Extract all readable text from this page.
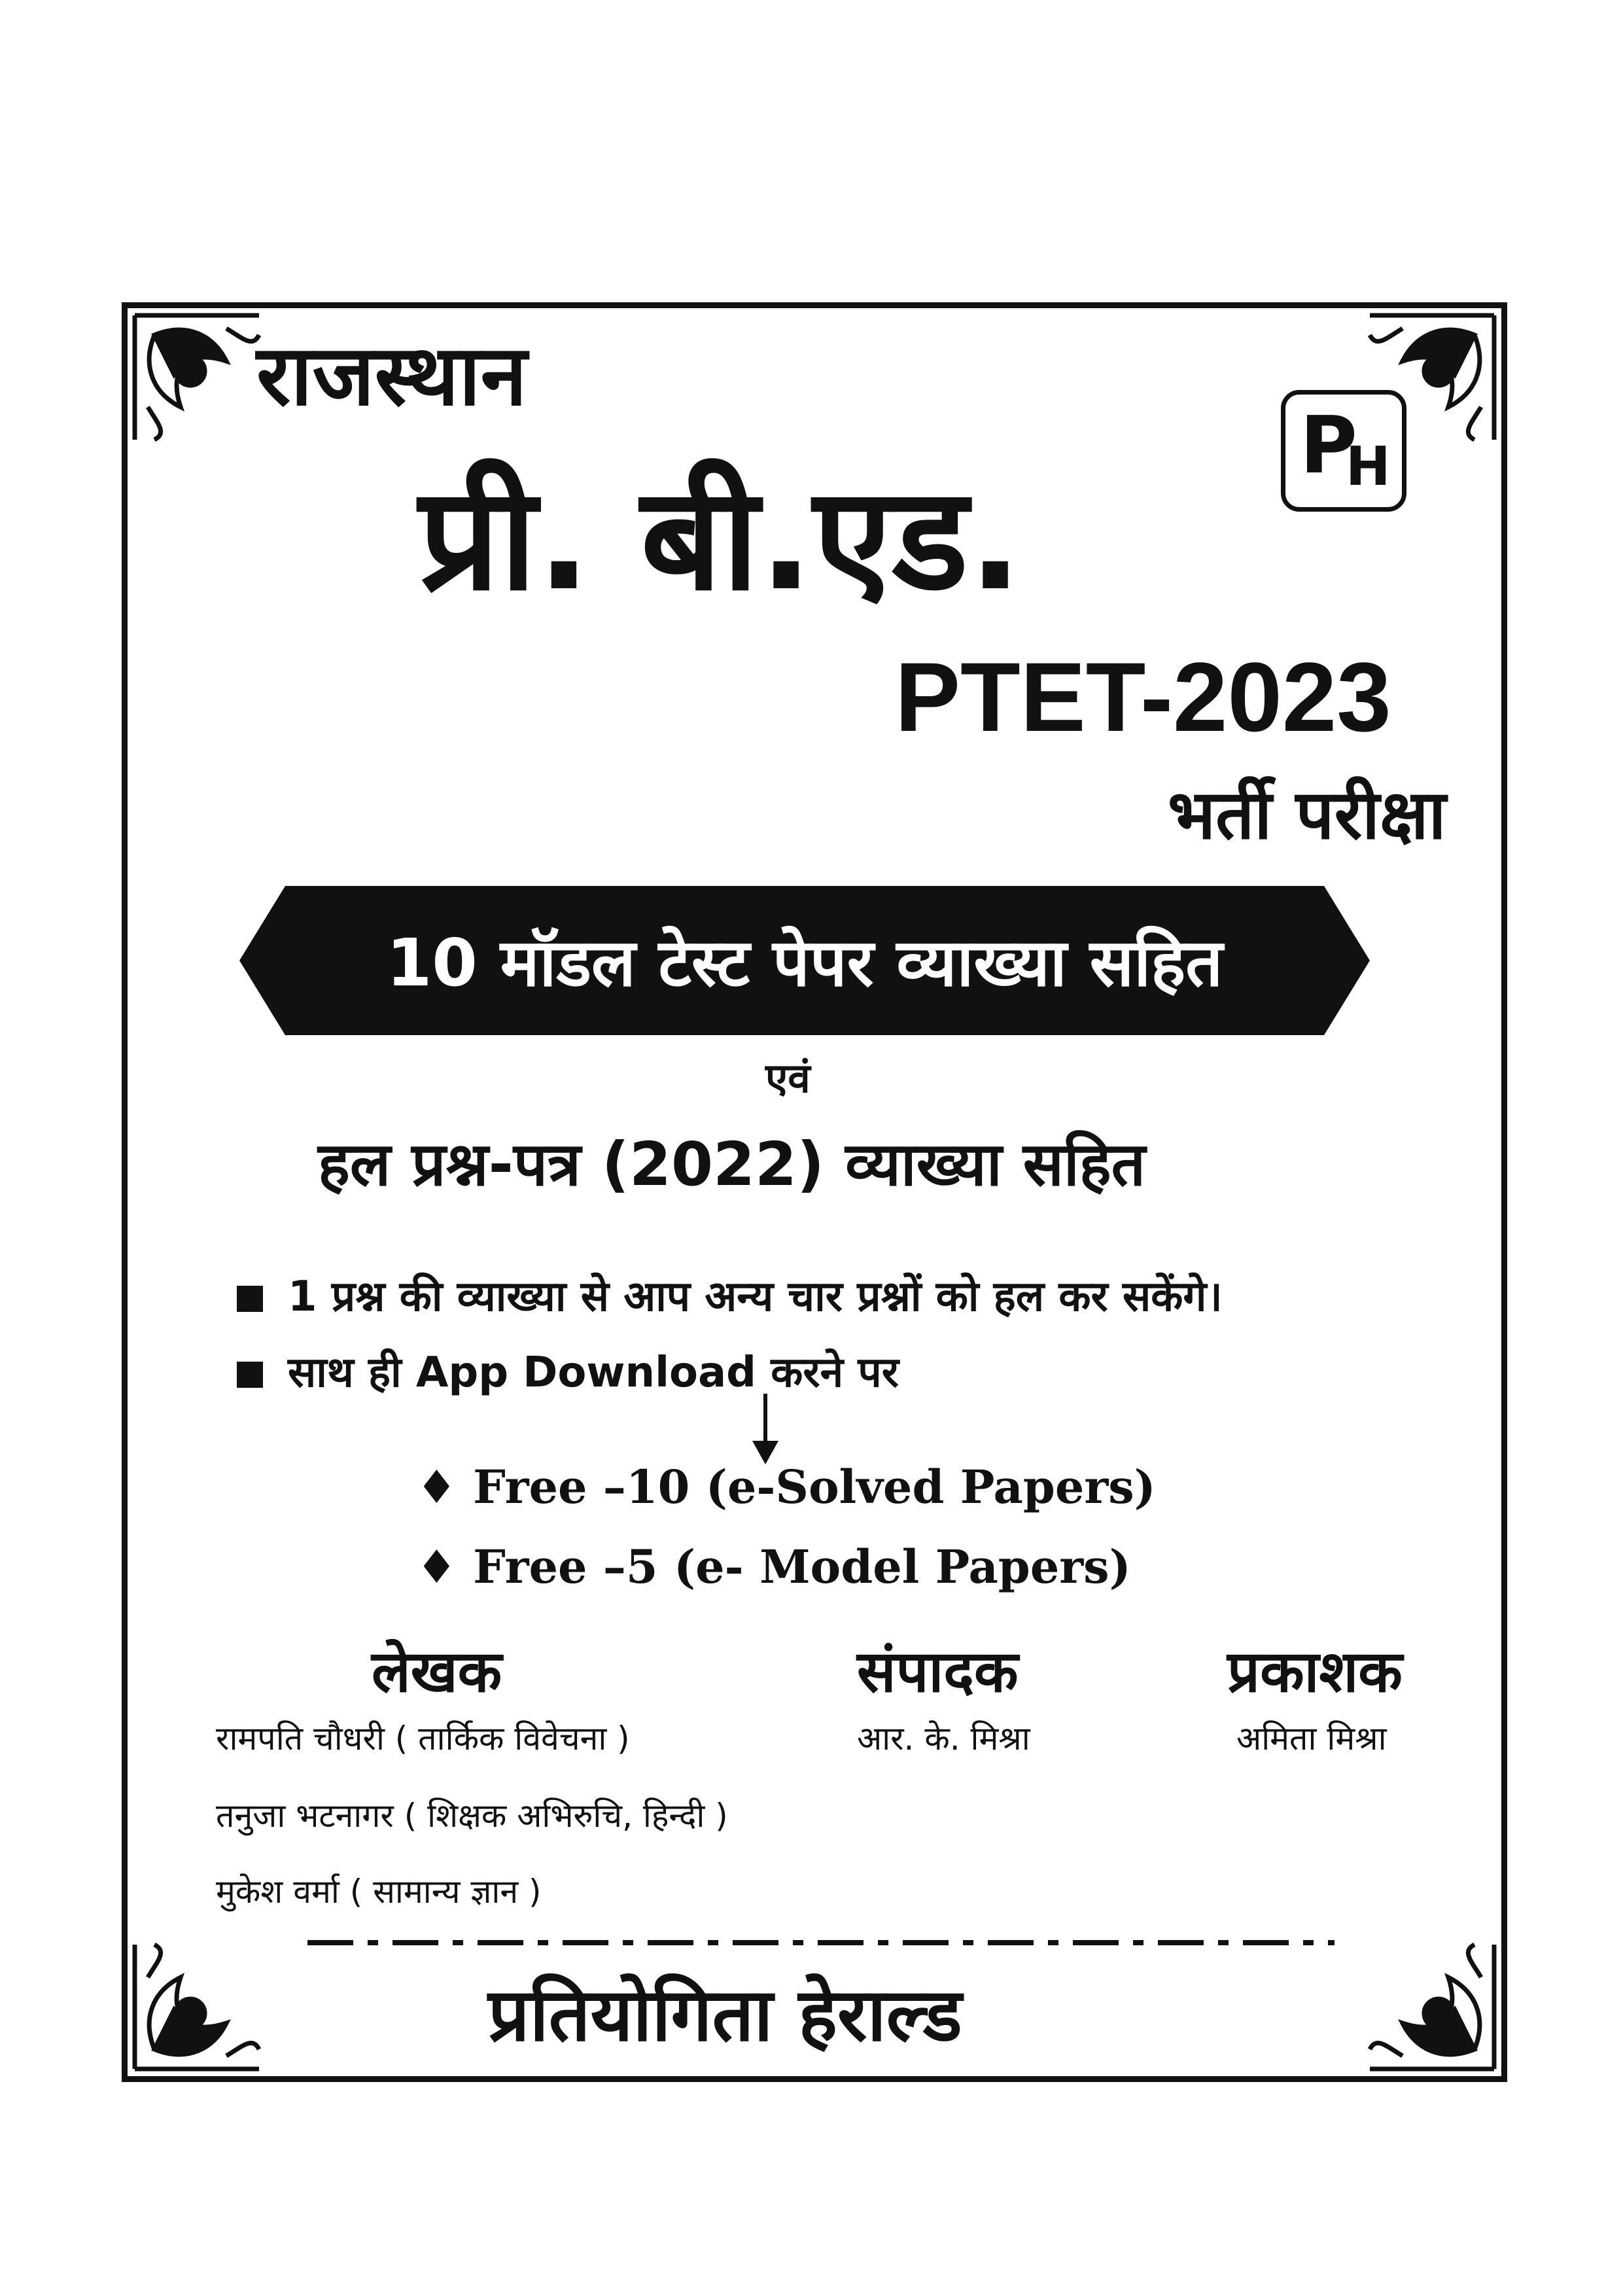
राजस्थान
P
H
प्री. बी.एड.
PTET-2023
भर्ती परीक्षा
10 मॉडल टेस्ट पेपर व्याख्या सहित
एवं
हल प्रश्न-पत्र (2022) व्याख्या सहित
1 प्रश्न की व्याख्या से आप अन्य चार प्रश्नों को हल कर सकेंगे।
साथ ही App Download करने पर
♦ Free –10 (e-Solved Papers)
♦ Free –5 (e- Model Papers)
लेखक
रामपति चौधरी ( तार्किक विवेचना )
तनुजा भटनागर ( शिक्षक अभिरुचि, हिन्दी )
मुकेश वर्मा ( सामान्य ज्ञान )
संपादक
आर. के. मिश्रा
प्रकाशक
अमिता मिश्रा
प्रतियोगिता हेराल्ड
